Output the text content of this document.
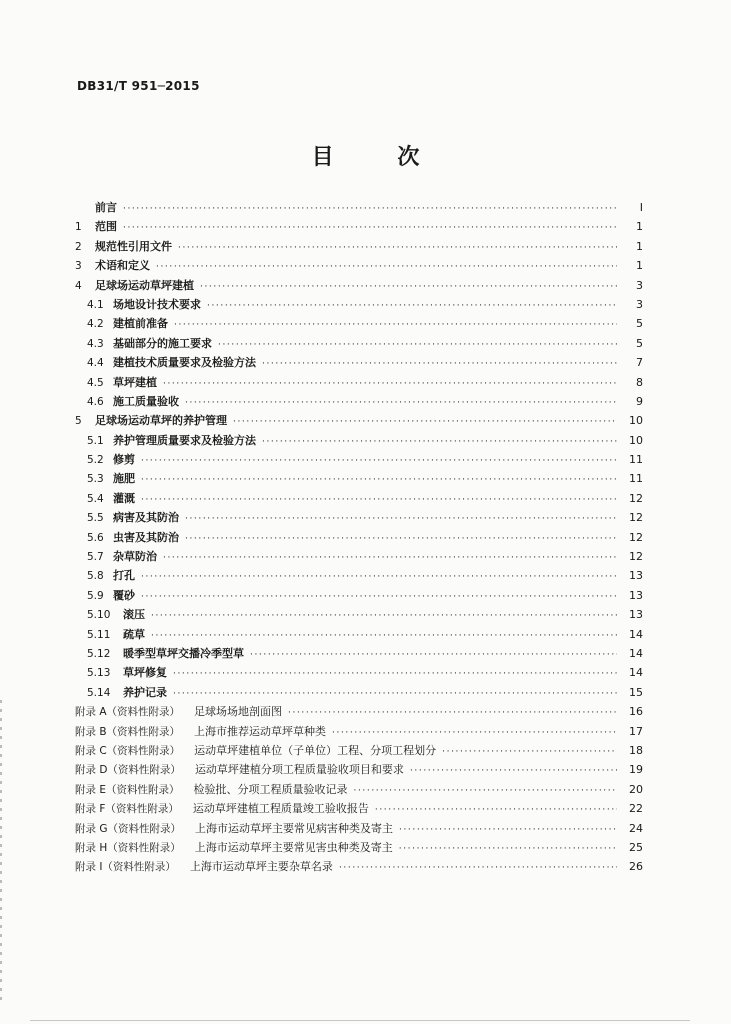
DB31/T 951─2015
目 次
前言 ·····	I
1	范围 ·····	1
2	规范性引用文件 ·····	1
3	术语和定义 ·····	1
4	足球场运动草坪建植 ·····	3
4.1 场地设计技术要求 ·····	3
4.2 建植前准备 ·····	5
4.3 基础部分的施工要求 ·····	5
4.4 建植技术质量要求及检验方法 ·····	7
4.5 草坪建植 ·····	8
4.6 施工质量验收 ·····	9
5	足球场运动草坪的养护管理 ·····	10
5.1 养护管理质量要求及检验方法 ·····	10
5.2 修剪 ·····	11
5.3 施肥 ·····	11
5.4 灌溉 ·····	12
5.5 病害及其防治 ·····	12
5.6 虫害及其防治 ·····	12
5.7 杂草防治 ·····	12
5.8 打孔 ·····	13
5.9 覆砂 ·····	13
5.10	滚压 ·····	13
5.11	疏草 ·····	14
5.12	暖季型草坪交播冷季型草 ·····	14
5.13	草坪修复 ·····	14
5.14	养护记录 ·····	15
附录 A（资料性附录） 足球场场地剖面图 ·····	16
附录 B（资料性附录） 上海市推荐运动草坪草种类 ·····	17
附录 C（资料性附录） 运动草坪建植单位（子单位）工程、分项工程划分 ·····	18
附录 D（资料性附录） 运动草坪建植分项工程质量验收项目和要求 ·····	19
附录 E（资料性附录） 检验批、分项工程质量验收记录 ·····	20
附录 F（资料性附录） 运动草坪建植工程质量竣工验收报告 ·····	22
附录 G（资料性附录） 上海市运动草坪主要常见病害种类及寄主 ·····	24
附录 H（资料性附录） 上海市运动草坪主要常见害虫种类及寄主 ·····	25
附录 I（资料性附录） 上海市运动草坪主要杂草名录 ·····	26
